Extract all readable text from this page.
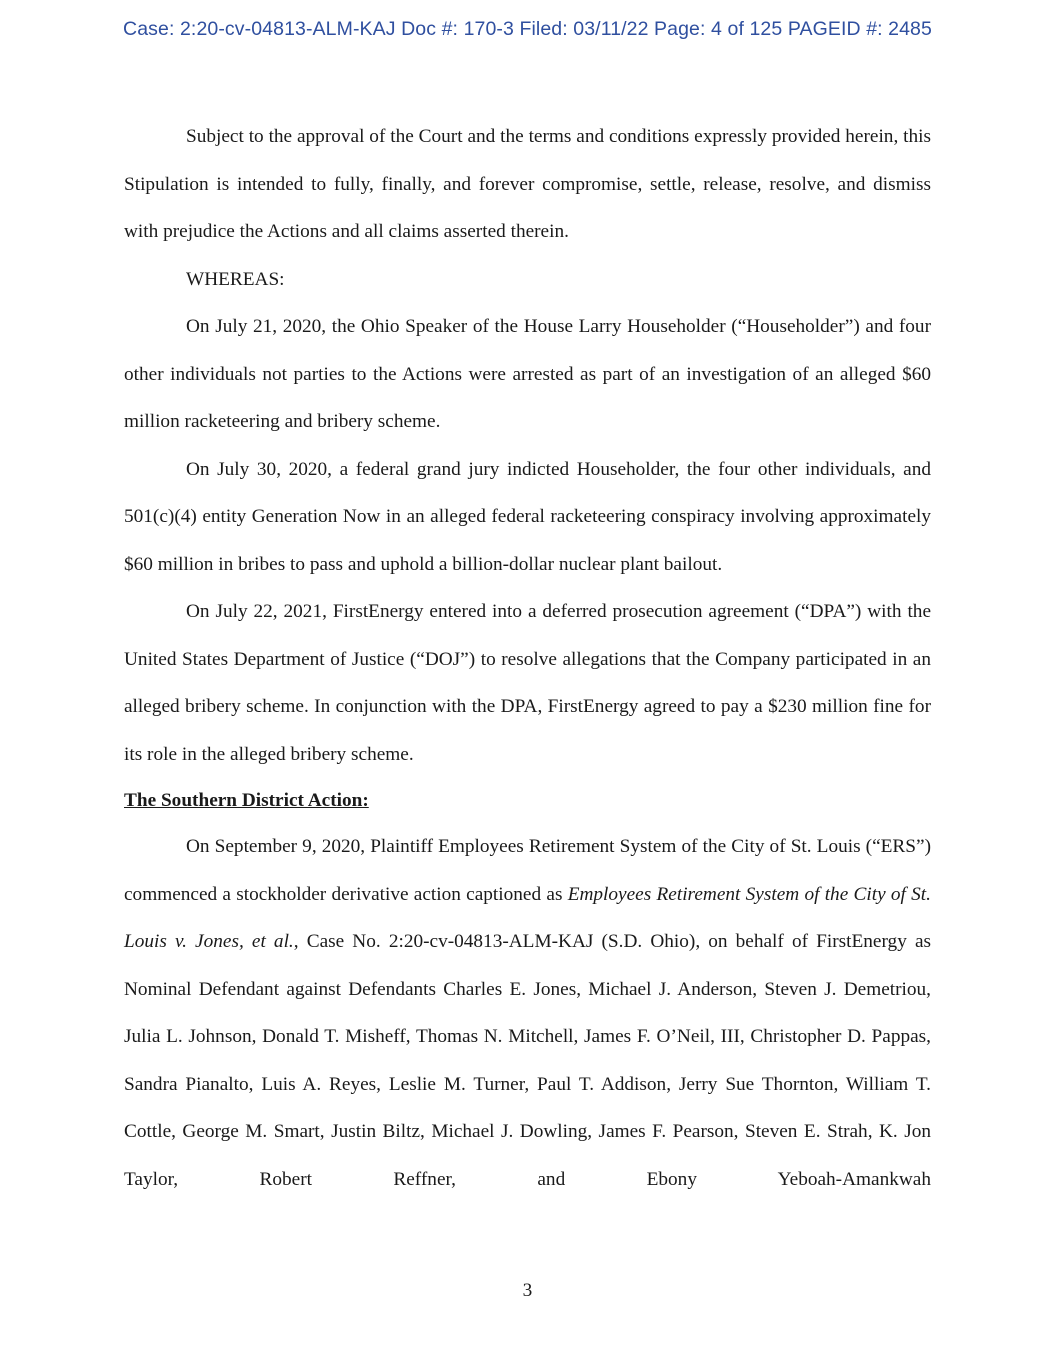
Case: 2:20-cv-04813-ALM-KAJ Doc #: 170-3 Filed: 03/11/22 Page: 4 of 125 PAGEID #: 2485

Subject to the approval of the Court and the terms and conditions expressly provided herein, this Stipulation is intended to fully, finally, and forever compromise, settle, release, resolve, and dismiss with prejudice the Actions and all claims asserted therein.

WHEREAS:

On July 21, 2020, the Ohio Speaker of the House Larry Householder (“Householder”) and four other individuals not parties to the Actions were arrested as part of an investigation of an alleged $60 million racketeering and bribery scheme.

On July 30, 2020, a federal grand jury indicted Householder, the four other individuals, and 501(c)(4) entity Generation Now in an alleged federal racketeering conspiracy involving approximately $60 million in bribes to pass and uphold a billion-dollar nuclear plant bailout.

On July 22, 2021, FirstEnergy entered into a deferred prosecution agreement (“DPA”) with the United States Department of Justice (“DOJ”) to resolve allegations that the Company participated in an alleged bribery scheme. In conjunction with the DPA, FirstEnergy agreed to pay a $230 million fine for its role in the alleged bribery scheme.

The Southern District Action:

On September 9, 2020, Plaintiff Employees Retirement System of the City of St. Louis (“ERS”) commenced a stockholder derivative action captioned as Employees Retirement System of the City of St. Louis v. Jones, et al., Case No. 2:20-cv-04813-ALM-KAJ (S.D. Ohio), on behalf of FirstEnergy as Nominal Defendant against Defendants Charles E. Jones, Michael J. Anderson, Steven J. Demetriou, Julia L. Johnson, Donald T. Misheff, Thomas N. Mitchell, James F. O’Neil, III, Christopher D. Pappas, Sandra Pianalto, Luis A. Reyes, Leslie M. Turner, Paul T. Addison, Jerry Sue Thornton, William T. Cottle, George M. Smart, Justin Biltz, Michael J. Dowling, James F. Pearson, Steven E. Strah, K. Jon Taylor, Robert Reffner, and Ebony Yeboah-Amankwah

3
